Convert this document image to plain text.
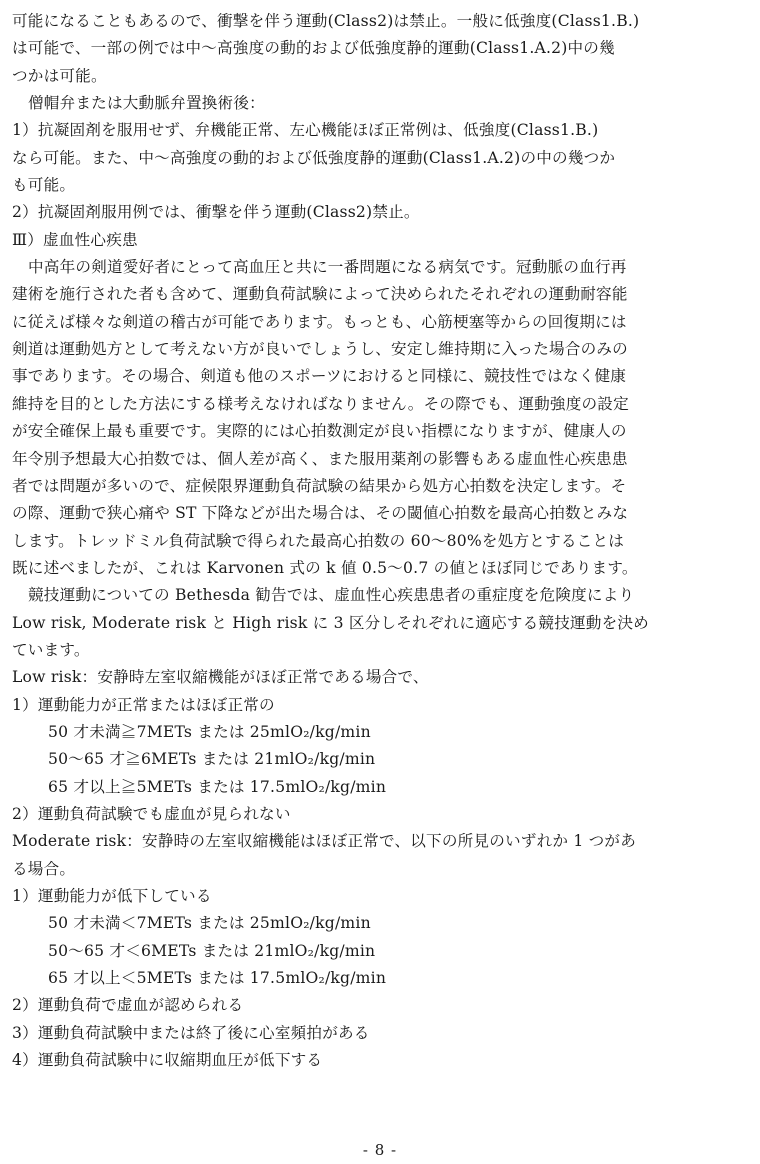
可能になることもあるので、衝撃を伴う運動(Class2)は禁止。一般に低強度(Class1.B.)
は可能で、一部の例では中〜高強度の動的および低強度静的運動(Class1.A.2)中の幾
つかは可能。
僧帽弁または大動脈弁置換術後：
1）抗凝固剤を服用せず、弁機能正常、左心機能ほぼ正常例は、低強度(Class1.B.)
なら可能。また、中〜高強度の動的および低強度静的運動(Class1.A.2)の中の幾つか
も可能。
2）抗凝固剤服用例では、衝撃を伴う運動(Class2)禁止。
Ⅲ）虚血性心疾患
中高年の剣道愛好者にとって高血圧と共に一番問題になる病気です。冠動脈の血行再
建術を施行された者も含めて、運動負荷試験によって決められたそれぞれの運動耐容能
に従えば様々な剣道の稽古が可能であります。もっとも、心筋梗塞等からの回復期には
剣道は運動処方として考えない方が良いでしょうし、安定し維持期に入った場合のみの
事であります。その場合、剣道も他のスポーツにおけると同様に、競技性ではなく健康
維持を目的とした方法にする様考えなければなりません。その際でも、運動強度の設定
が安全確保上最も重要です。実際的には心拍数測定が良い指標になりますが、健康人の
年令別予想最大心拍数では、個人差が高く、また服用薬剤の影響もある虚血性心疾患患
者では問題が多いので、症候限界運動負荷試験の結果から処方心拍数を決定します。そ
の際、運動で狭心痛や ST 下降などが出た場合は、その閾値心拍数を最高心拍数とみな
します。トレッドミル負荷試験で得られた最高心拍数の 60〜80%を処方とすることは
既に述べましたが、これは Karvonen 式の k 値 0.5〜0.7 の値とほぼ同じであります。
競技運動についての Bethesda 勧告では、虚血性心疾患患者の重症度を危険度により
Low risk, Moderate risk と High risk に 3 区分しそれぞれに適応する競技運動を決め
ています。
Low risk：安静時左室収縮機能がほぼ正常である場合で、
1）運動能力が正常またはほぼ正常の
50 才未満≧7METs または 25mlO₂/kg/min
50〜65 才≧6METs または 21mlO₂/kg/min
65 才以上≧5METs または 17.5mlO₂/kg/min
2）運動負荷試験でも虚血が見られない
Moderate risk：安静時の左室収縮機能はほぼ正常で、以下の所見のいずれか 1 つがあ
る場合。
1）運動能力が低下している
50 才未満＜7METs または 25mlO₂/kg/min
50〜65 才＜6METs または 21mlO₂/kg/min
65 才以上＜5METs または 17.5mlO₂/kg/min
2）運動負荷で虚血が認められる
3）運動負荷試験中または終了後に心室頻拍がある
4）運動負荷試験中に収縮期血圧が低下する
- 8 -
